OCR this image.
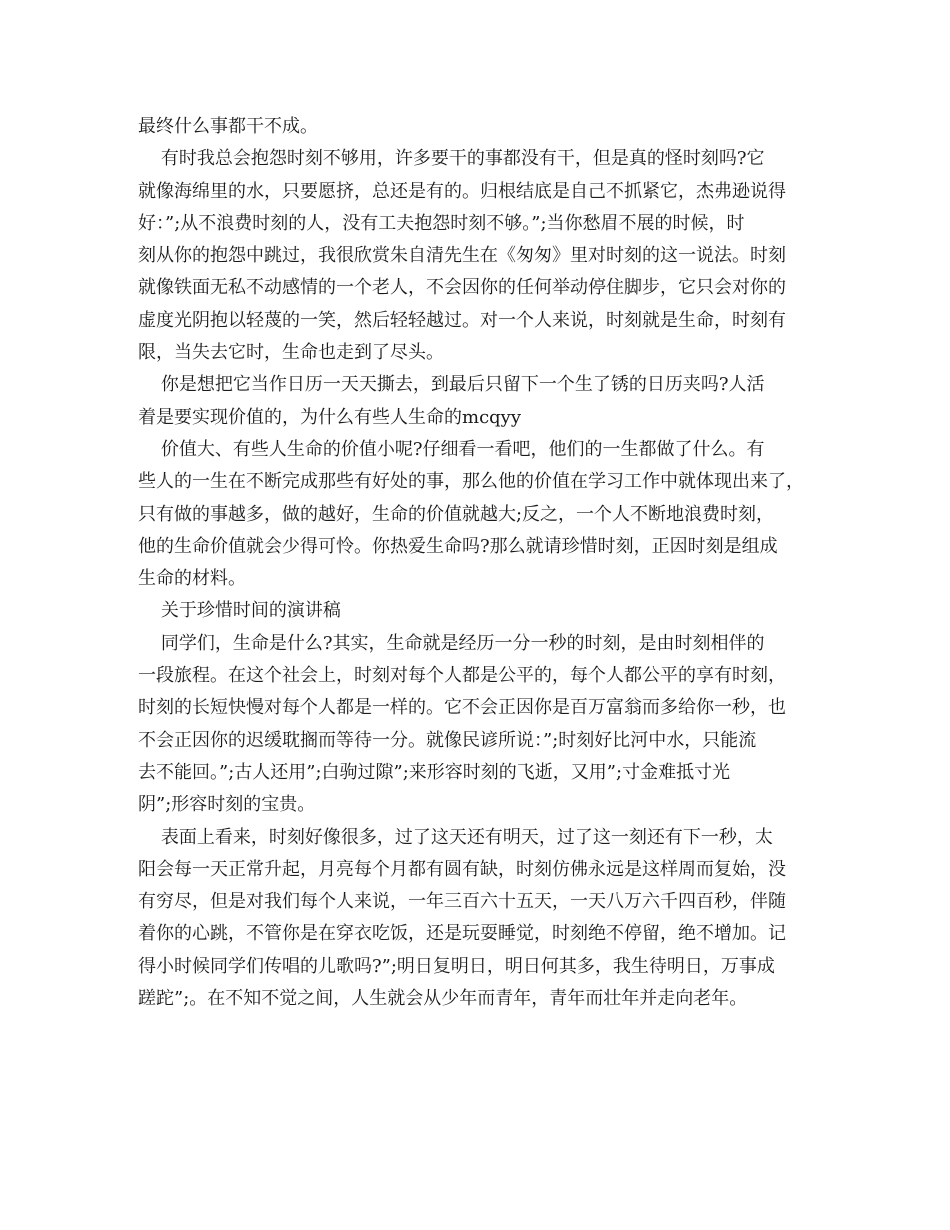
最终什么事都干不成。
有时我总会抱怨时刻不够用，许多要干的事都没有干，但是真的怪时刻吗?它
就像海绵里的水，只要愿挤，总还是有的。归根结底是自己不抓紧它，杰弗逊说得
好：”;从不浪费时刻的人，没有工夫抱怨时刻不够。”;当你愁眉不展的时候，时
刻从你的抱怨中跳过，我很欣赏朱自清先生在《匆匆》里对时刻的这一说法。时刻
就像铁面无私不动感情的一个老人，不会因你的任何举动停住脚步，它只会对你的
虚度光阴抱以轻蔑的一笑，然后轻轻越过。对一个人来说，时刻就是生命，时刻有
限，当失去它时，生命也走到了尽头。
你是想把它当作日历一天天撕去，到最后只留下一个生了锈的日历夹吗?人活
着是要实现价值的，为什么有些人生命的mcqyy
价值大、有些人生命的价值小呢?仔细看一看吧，他们的一生都做了什么。有
些人的一生在不断完成那些有好处的事，那么他的价值在学习工作中就体现出来了，
只有做的事越多，做的越好，生命的价值就越大;反之，一个人不断地浪费时刻，
他的生命价值就会少得可怜。你热爱生命吗?那么就请珍惜时刻，正因时刻是组成
生命的材料。
关于珍惜时间的演讲稿
同学们，生命是什么?其实，生命就是经历一分一秒的时刻，是由时刻相伴的
一段旅程。在这个社会上，时刻对每个人都是公平的，每个人都公平的享有时刻，
时刻的长短快慢对每个人都是一样的。它不会正因你是百万富翁而多给你一秒，也
不会正因你的迟缓耽搁而等待一分。就像民谚所说：”;时刻好比河中水，只能流
去不能回。”;古人还用”;白驹过隙”;来形容时刻的飞逝，又用”;寸金难抵寸光
阴”;形容时刻的宝贵。
表面上看来，时刻好像很多，过了这天还有明天，过了这一刻还有下一秒，太
阳会每一天正常升起，月亮每个月都有圆有缺，时刻仿佛永远是这样周而复始，没
有穷尽，但是对我们每个人来说，一年三百六十五天，一天八万六千四百秒，伴随
着你的心跳，不管你是在穿衣吃饭，还是玩耍睡觉，时刻绝不停留，绝不增加。记
得小时候同学们传唱的儿歌吗?”;明日复明日，明日何其多，我生待明日，万事成
蹉跎”;。在不知不觉之间，人生就会从少年而青年，青年而壮年并走向老年。
